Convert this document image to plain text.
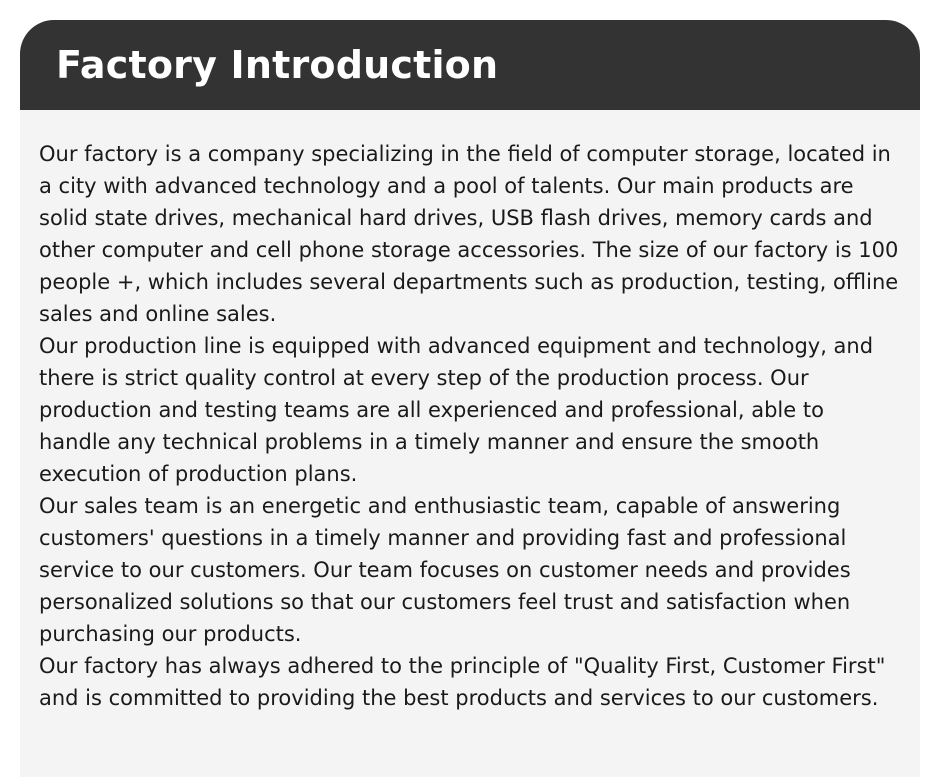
Factory Introduction

Our factory is a company specializing in the field of computer storage, located in a city with advanced technology and a pool of talents. Our main products are solid state drives, mechanical hard drives, USB flash drives, memory cards and other computer and cell phone storage accessories. The size of our factory is 100 people +, which includes several departments such as production, testing, offline sales and online sales.

Our production line is equipped with advanced equipment and technology, and there is strict quality control at every step of the production process. Our production and testing teams are all experienced and professional, able to handle any technical problems in a timely manner and ensure the smooth execution of production plans.

Our sales team is an energetic and enthusiastic team, capable of answering customers' questions in a timely manner and providing fast and professional service to our customers. Our team focuses on customer needs and provides personalized solutions so that our customers feel trust and satisfaction when purchasing our products.

Our factory has always adhered to the principle of "Quality First, Customer First" and is committed to providing the best products and services to our customers.
